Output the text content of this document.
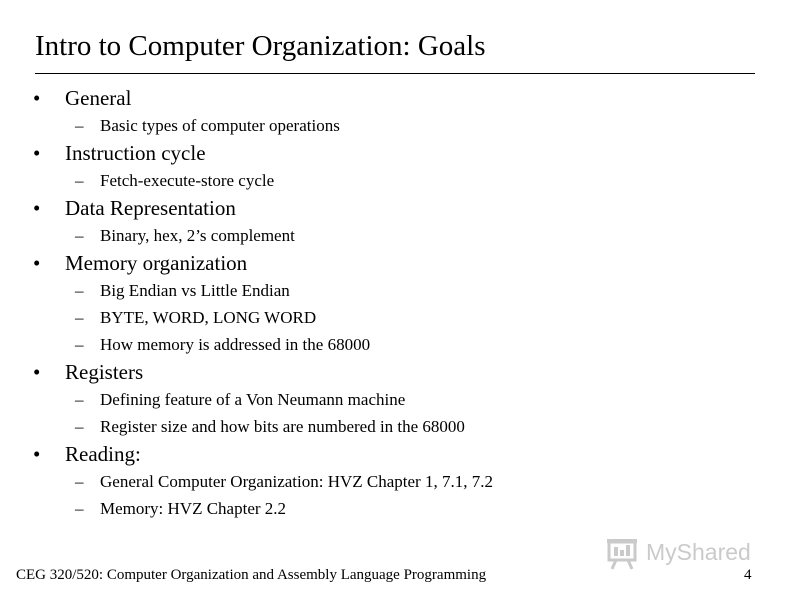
Intro to Computer Organization: Goals
• General
– Basic types of computer operations
• Instruction cycle
– Fetch-execute-store cycle
• Data Representation
– Binary, hex, 2’s complement
• Memory organization
– Big Endian vs Little Endian
– BYTE, WORD, LONG WORD
– How memory is addressed in the 68000
• Registers
– Defining feature of a Von Neumann machine
– Register size and how bits are numbered in the 68000
• Reading:
– General Computer Organization: HVZ Chapter 1, 7.1, 7.2
– Memory: HVZ Chapter 2.2
MyShared
CEG 320/520: Computer Organization and Assembly Language Programming	4
